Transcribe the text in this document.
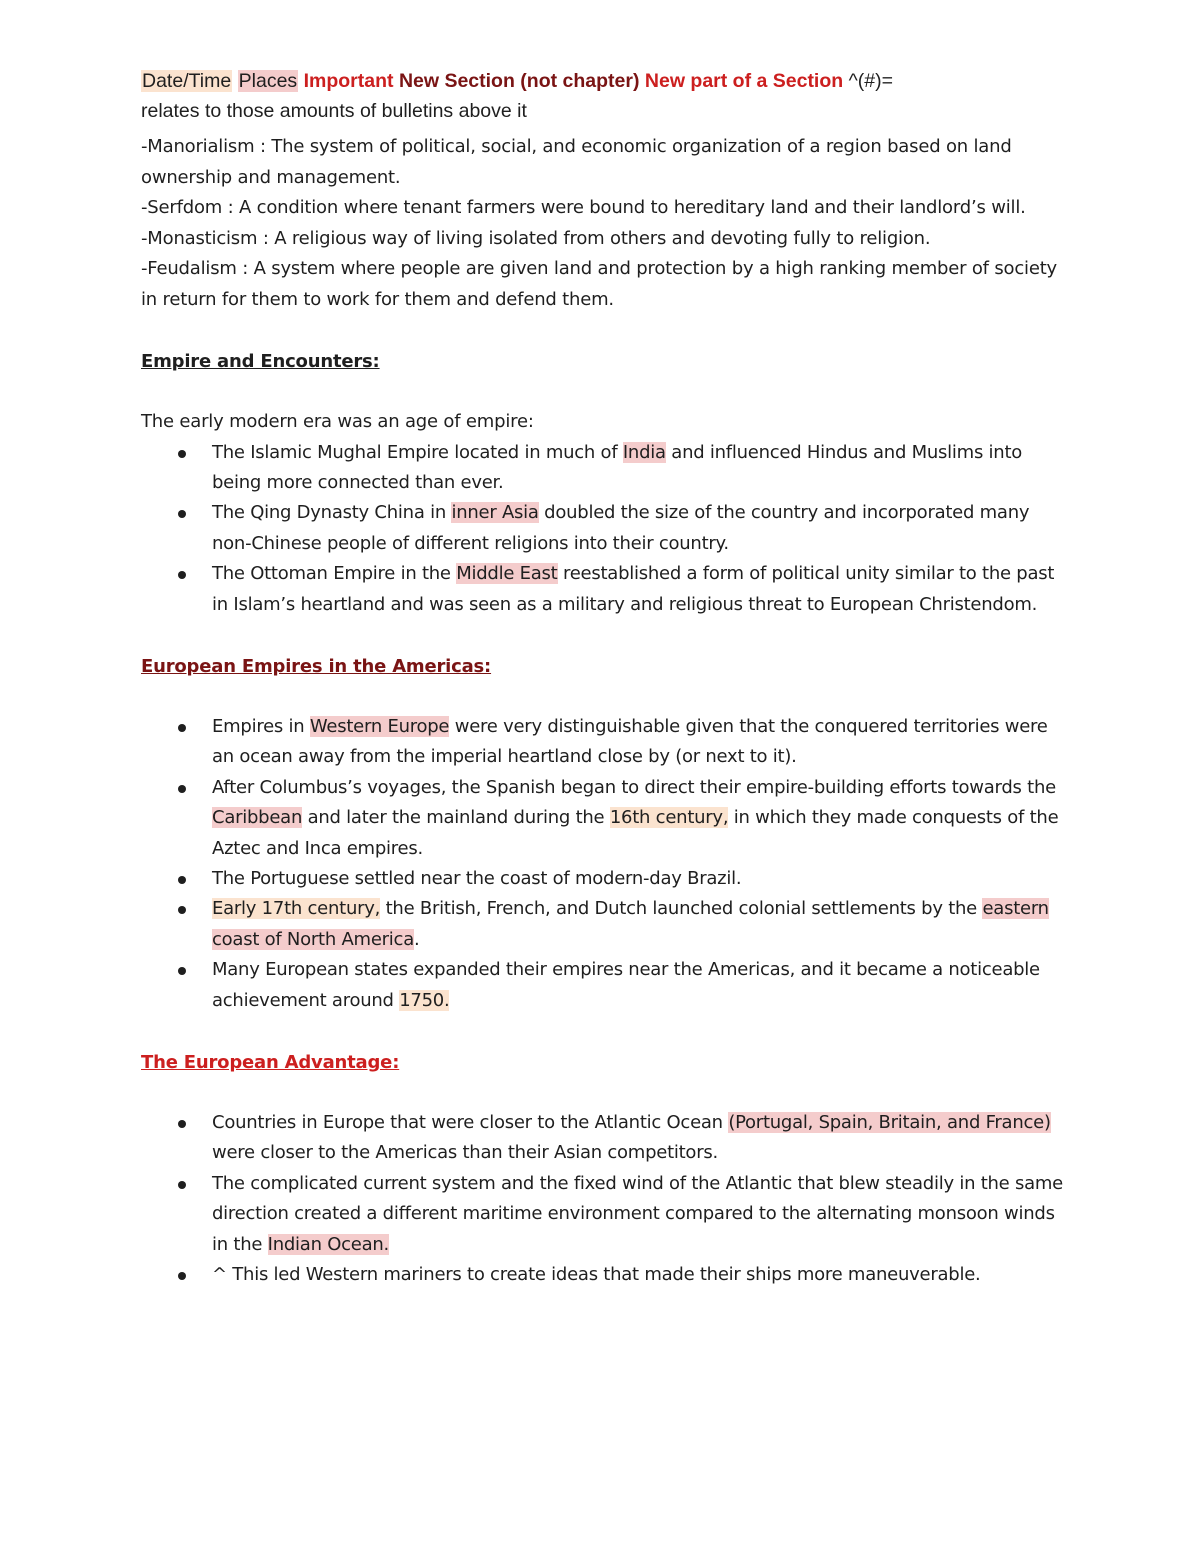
Date/Time Places Important New Section (not chapter) New part of a Section ^(#)=
relates to those amounts of bulletins above it

-Manorialism : The system of political, social, and economic organization of a region based on land ownership and management.

-Serfdom : A condition where tenant farmers were bound to hereditary land and their landlord’s will.

-Monasticism : A religious way of living isolated from others and devoting fully to religion.

-Feudalism : A system where people are given land and protection by a high ranking member of society in return for them to work for them and defend them.

Empire and Encounters:

The early modern era was an age of empire:

The Islamic Mughal Empire located in much of India and influenced Hindus and Muslims into being more connected than ever.
The Qing Dynasty China in inner Asia doubled the size of the country and incorporated many non-Chinese people of different religions into their country.
The Ottoman Empire in the Middle East reestablished a form of political unity similar to the past in Islam’s heartland and was seen as a military and religious threat to European Christendom.

European Empires in the Americas:

Empires in Western Europe were very distinguishable given that the conquered territories were an ocean away from the imperial heartland close by (or next to it).
After Columbus’s voyages, the Spanish began to direct their empire-building efforts towards the Caribbean and later the mainland during the 16th century, in which they made conquests of the Aztec and Inca empires.
The Portuguese settled near the coast of modern-day Brazil.
Early 17th century, the British, French, and Dutch launched colonial settlements by the eastern coast of North America.
Many European states expanded their empires near the Americas, and it became a noticeable achievement around 1750.

The European Advantage:

Countries in Europe that were closer to the Atlantic Ocean (Portugal, Spain, Britain, and France) were closer to the Americas than their Asian competitors.
The complicated current system and the fixed wind of the Atlantic that blew steadily in the same direction created a different maritime environment compared to the alternating monsoon winds in the Indian Ocean.
^ This led Western mariners to create ideas that made their ships more maneuverable.
